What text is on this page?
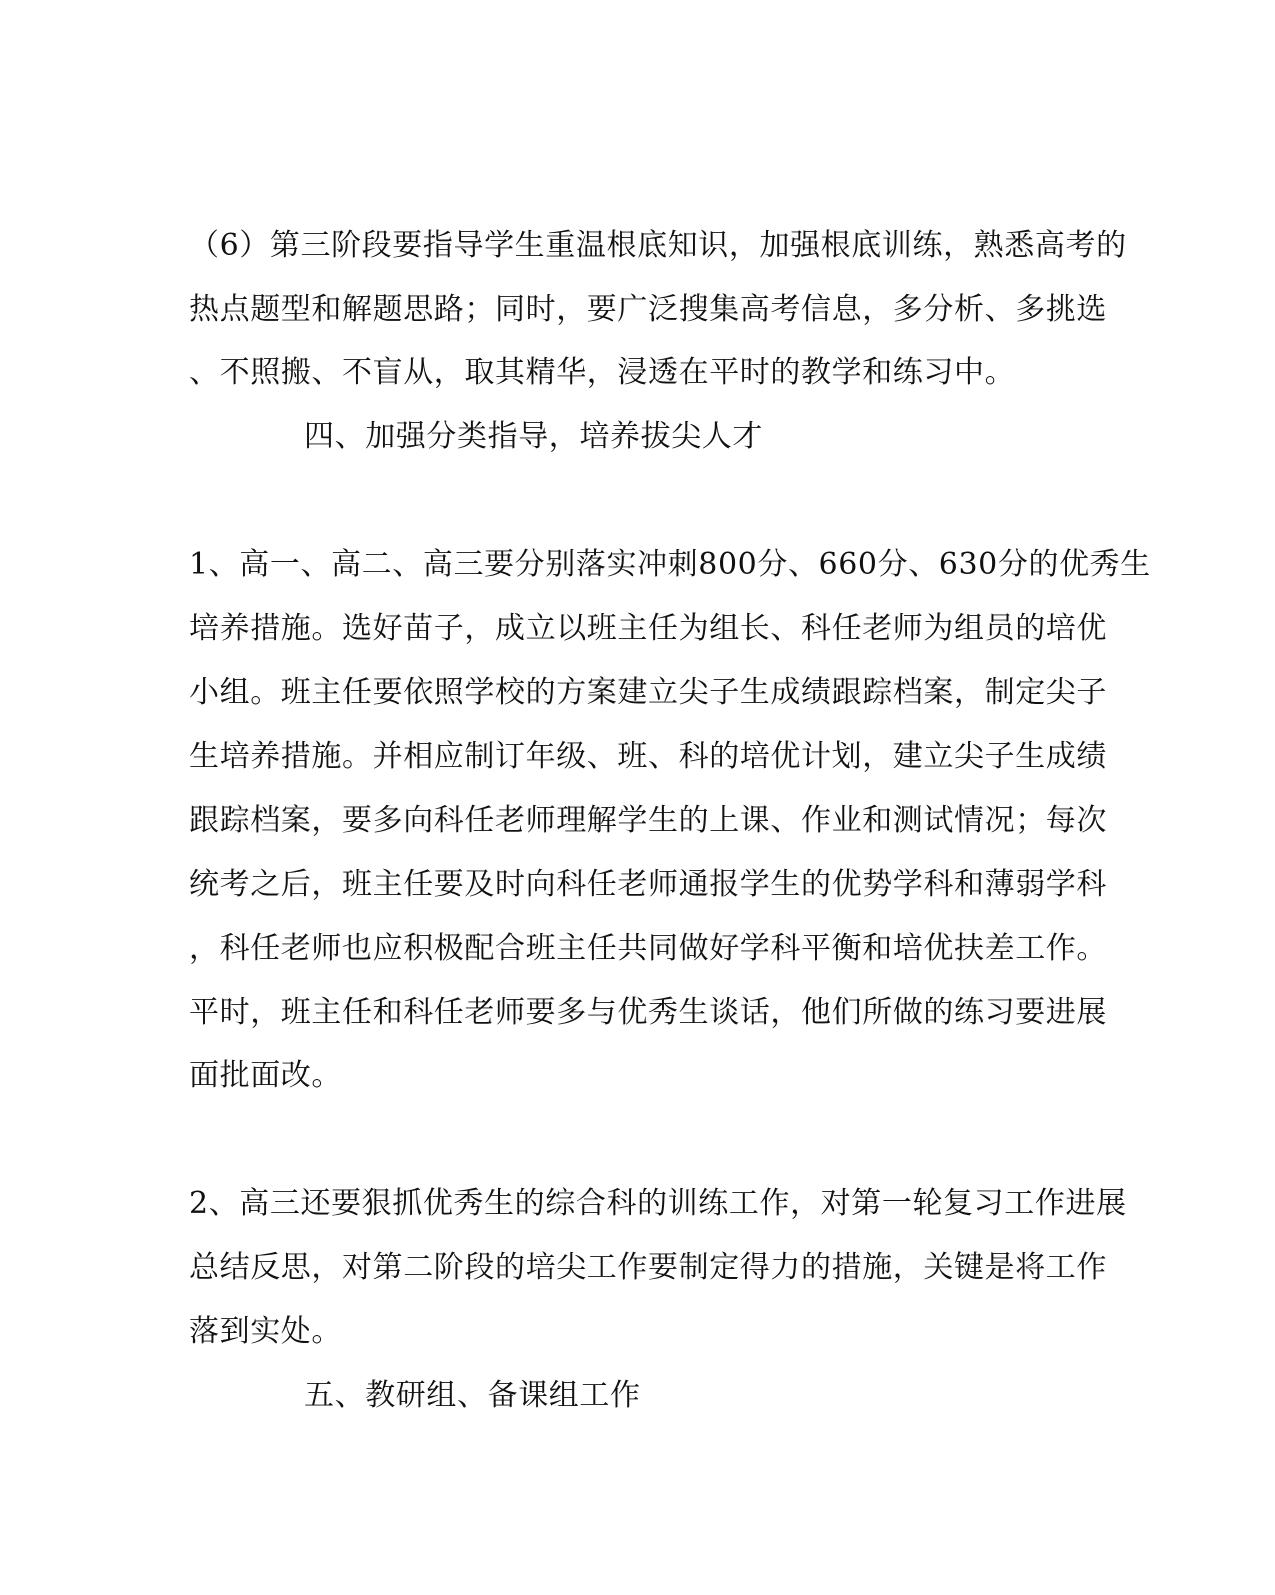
（6）第三阶段要指导学生重温根底知识，加强根底训练，熟悉高考的
热点题型和解题思路；同时，要广泛搜集高考信息，多分析、多挑选
、不照搬、不盲从，取其精华，浸透在平时的教学和练习中。
四、加强分类指导，培养拔尖人才
1、高一、高二、高三要分别落实冲刺800分、660分、630分的优秀生
培养措施。选好苗子，成立以班主任为组长、科任老师为组员的培优
小组。班主任要依照学校的方案建立尖子生成绩跟踪档案，制定尖子
生培养措施。并相应制订年级、班、科的培优计划，建立尖子生成绩
跟踪档案，要多向科任老师理解学生的上课、作业和测试情况；每次
统考之后，班主任要及时向科任老师通报学生的优势学科和薄弱学科
，科任老师也应积极配合班主任共同做好学科平衡和培优扶差工作。
平时，班主任和科任老师要多与优秀生谈话，他们所做的练习要进展
面批面改。
2、高三还要狠抓优秀生的综合科的训练工作，对第一轮复习工作进展
总结反思，对第二阶段的培尖工作要制定得力的措施，关键是将工作
落到实处。
五、教研组、备课组工作
